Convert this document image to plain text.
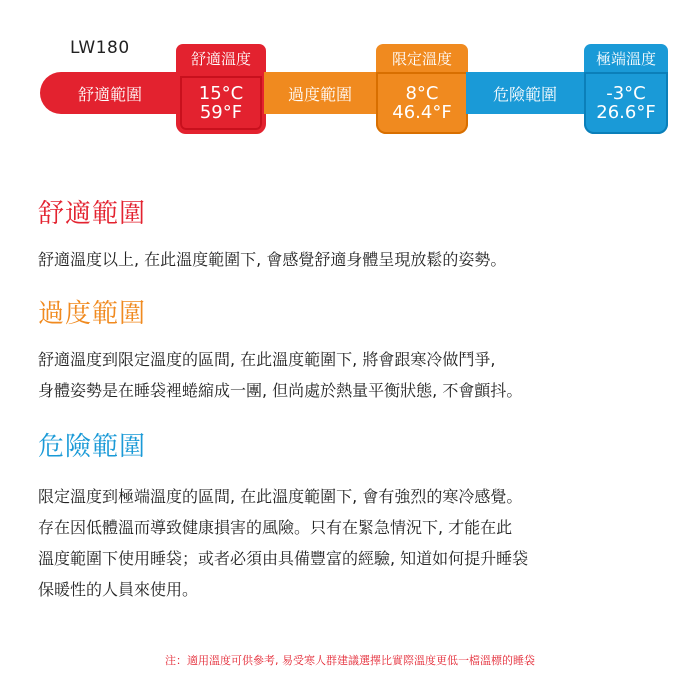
LW180
舒適範圍
舒適溫度
15°C
59°F
過度範圍
限定溫度
8°C
46.4°F
危險範圍
極端溫度
-3°C
26.6°F
舒適範圍
舒適溫度以上, 在此溫度範圍下, 會感覺舒適身體呈現放鬆的姿勢。
過度範圍
舒適溫度到限定溫度的區間, 在此溫度範圍下, 將會跟寒冷做鬥爭,
身體姿勢是在睡袋裡蜷縮成一團, 但尚處於熱量平衡狀態, 不會顫抖。
危險範圍
限定溫度到極端溫度的區間, 在此溫度範圍下, 會有強烈的寒冷感覺。
存在因低體溫而導致健康損害的風險。只有在緊急情況下, 才能在此
溫度範圍下使用睡袋；或者必須由具備豐富的經驗, 知道如何提升睡袋
保暖性的人員來使用。
注：適用溫度可供參考, 易受寒人群建議選擇比實際溫度更低一檔溫標的睡袋
